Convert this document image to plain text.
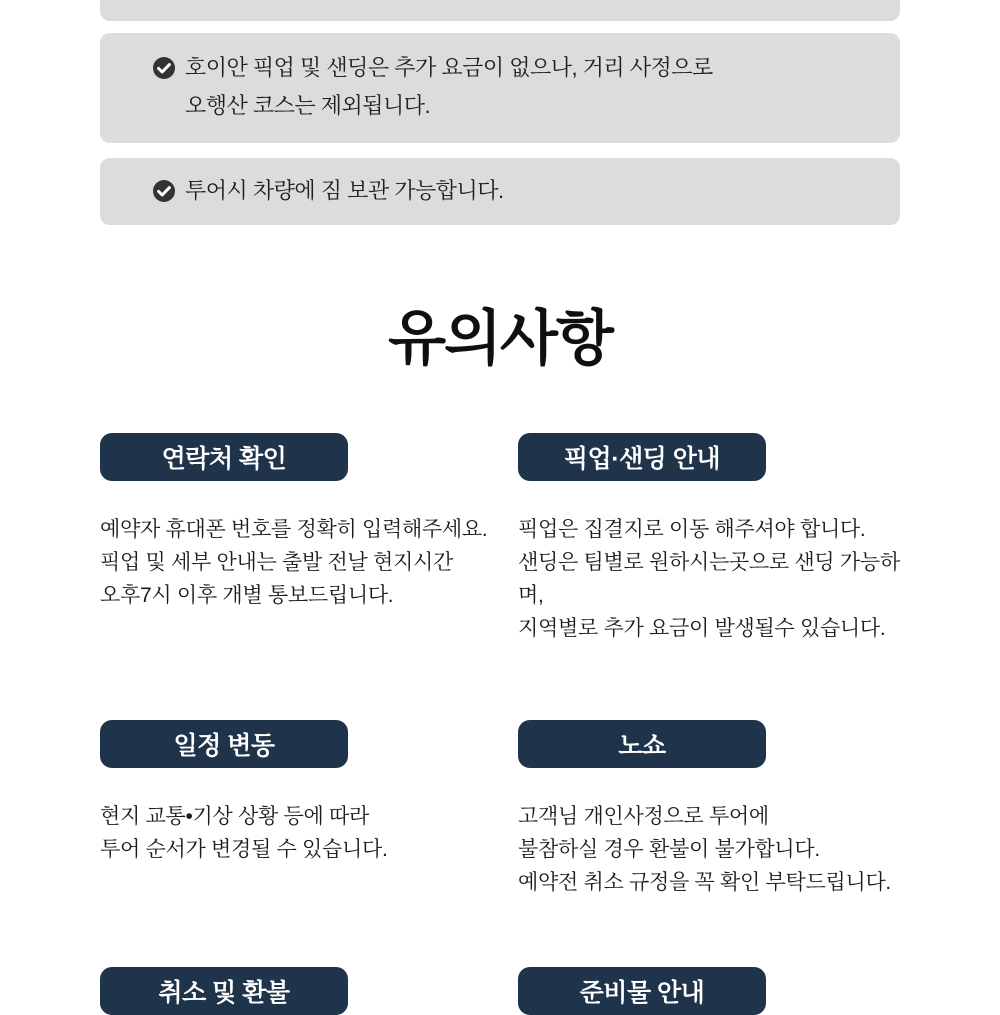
호이안 픽업 및 샌딩은 추가 요금이 없으나, 거리 사정으로
오행산 코스는 제외됩니다.
투어시 차량에 짐 보관 가능합니다.
유의사항
연락처 확인
예약자 휴대폰 번호를 정확히 입력해주세요.
픽업 및 세부 안내는 출발 전날 현지시간
오후7시 이후 개별 통보드립니다.
픽업·샌딩 안내
픽업은 집결지로 이동 해주셔야 합니다.
샌딩은 팀별로 원하시는곳으로 샌딩 가능하며,
지역별로 추가 요금이 발생될수 있습니다.
일정 변동
현지 교통•기상 상황 등에 따라
투어 순서가 변경될 수 있습니다.
노쇼
고객님 개인사정으로 투어에
불참하실 경우 환불이 불가합니다.
예약전 취소 규정을 꼭 확인 부탁드립니다.
취소 및 환불	준비물 안내
